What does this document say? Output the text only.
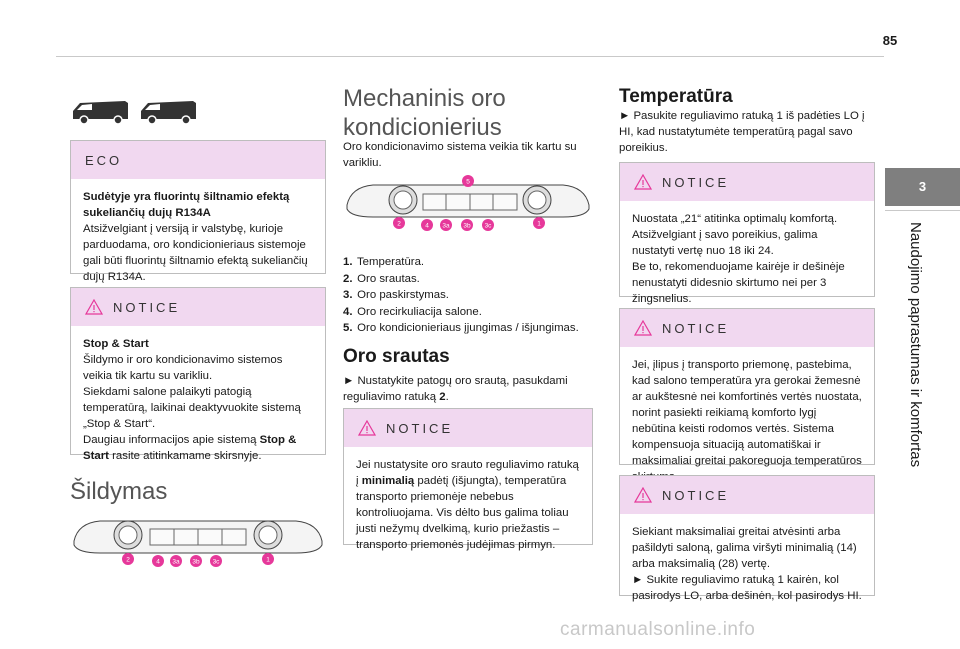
85
3
Naudojimo paprastumas ir komfortas
ECO
Sudėtyje yra fluorintų šiltnamio efektą sukeliančių dujų R134A
Atsižvelgiant į versiją ir valstybę, kurioje parduodama, oro kondicionieriaus sistemoje gali būti fluorintų šiltnamio efektą sukeliančių dujų R134A.
NOTICE
Stop & Start
Šildymo ir oro kondicionavimo sistemos veikia tik kartu su varikliu.
Siekdami salone palaikyti patogią temperatūrą, laikinai deaktyvuokite sistemą „Stop & Start“.
Daugiau informacijos apie sistemą Stop & Start rasite atitinkamame skirsnyje.
Šildymas
2	4 3a 3b 3c	1
Mechaninis oro
kondicionierius
Oro kondicionavimo sistema veikia tik kartu su varikliu.
5
2	4 3a 3b 3c	1
1. Temperatūra.
2. Oro srautas.
3. Oro paskirstymas.
4. Oro recirkuliacija salone.
5. Oro kondicionieriaus įjungimas / išjungimas.
Oro srautas
► Nustatykite patogų oro srautą, pasukdami reguliavimo ratuką 2.
NOTICE
Jei nustatysite oro srauto reguliavimo ratuką į minimalią padėtį (išjungta), temperatūra transporto priemonėje nebebus kontroliuojama. Vis dėlto bus galima toliau justi nežymų dvelkimą, kurio priežastis – transporto priemonės judėjimas pirmyn.
Temperatūra
► Pasukite reguliavimo ratuką 1 iš padėties LO į HI, kad nustatytumėte temperatūrą pagal savo poreikius.
NOTICE
Nuostata „21“ atitinka optimalų komfortą. Atsižvelgiant į savo poreikius, galima nustatyti vertę nuo 18 iki 24.
Be to, rekomenduojame kairėje ir dešinėje nenustatyti didesnio skirtumo nei per 3 žingsnelius.
NOTICE
Jei, įlipus į transporto priemonę, pastebima, kad salono temperatūra yra gerokai žemesnė ar aukštesnė nei komfortinės vertės nuostata, norint pasiekti reikiamą komforto lygį nebūtina keisti rodomos vertės. Sistema kompensuoja situaciją automatiškai ir maksimaliai greitai pakoreguoja temperatūros
NOTICE
Siekiant maksimaliai greitai atvėsinti arba pašildyti saloną, galima viršyti minimalią (14) arba maksimalią (28) vertę.
► Sukite reguliavimo ratuką 1 kairėn, kol pasirodys LO, arba dešinėn, kol pasirodys HI.
carmanualsonline.info
